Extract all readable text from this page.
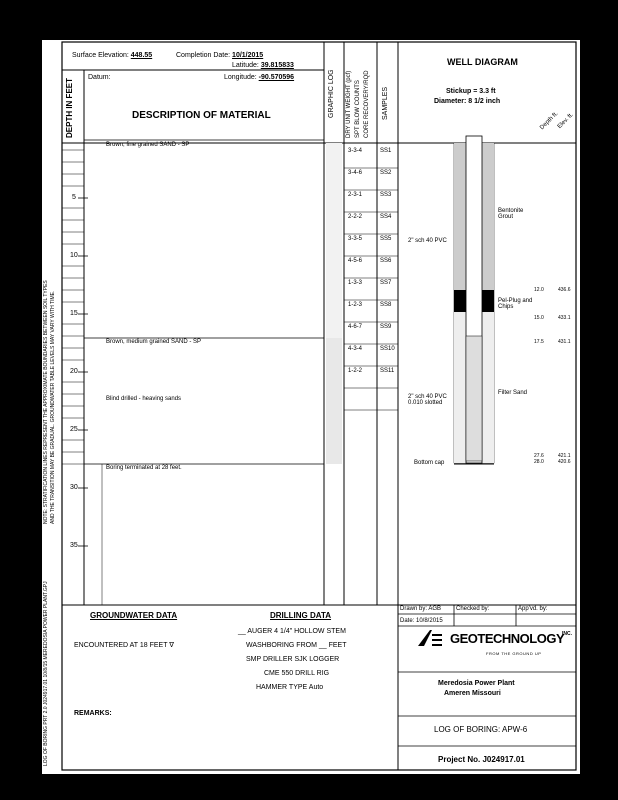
Surface Elevation: 448.55	Completion Date: 10/1/2015
Datum:
Latitude: 39.815833
Longitude: -90.570596
DESCRIPTION OF MATERIAL
DEPTH IN FEET	GRAPHIC LOG DRY UNIT WEIGHT (pcf) SPT BLOW COUNTS CORE RECOVERY/RQD SAMPLES
WELL DIAGRAM
Stickup = 3.3 ft
Diameter: 8 1/2 inch
Depth ft.
Elev. ft.
NOTE: STRATIFICATION LINES REPRESENT THE APPROXIMATE BOUNDARIES BETWEEN SOIL TYPES AND THE TRANSITION MAY BE GRADUAL. GROUNDWATER TABLE LEVELS MAY VARY WITH TIME.
LOG OF BORING PRT 2.0 J024917.01 10/8/15 MEREDOSIA POWER PLANT.GPJ
5
10
15
20
25
30
35
Brown, fine grained SAND - SP
Brown, medium grained SAND - SP
Blind drilled - heaving sands
Boring terminated at 28 feet.
3-3-4	SS1
3-4-6	SS2
2-3-1	SS3
2-2-2	SS4
3-3-5	SS5
4-5-6	SS6
1-3-3	SS7
1-2-3	SS8
4-6-7	SS9
4-3-4	SS10
1-2-2	SS11
Bentonite
Grout
2" sch 40 PVC
Pel-Plug and
Chips
2" sch 40 PVC
0.010 slotted
Filter Sand
Bottom cap
12.0	436.6
15.0	433.1
17.5	431.1
27.6	421.1
28.0	420.6
GROUNDWATER DATA
ENCOUNTERED AT 18 FEET ∇
DRILLING DATA
__ AUGER 4 1/4" HOLLOW STEM
WASHBORING FROM __ FEET
SMP DRILLER SJK LOGGER
CME 550 DRILL RIG
HAMMER TYPE Auto
REMARKS:
Drawn by: AGB Checked by:	App'vd. by:
Date: 10/8/2015
GEOTECHNOLOGY
INC.
FROM THE GROUND UP
Meredosia Power Plant
Ameren Missouri
LOG OF BORING: APW-6
Project No. J024917.01
